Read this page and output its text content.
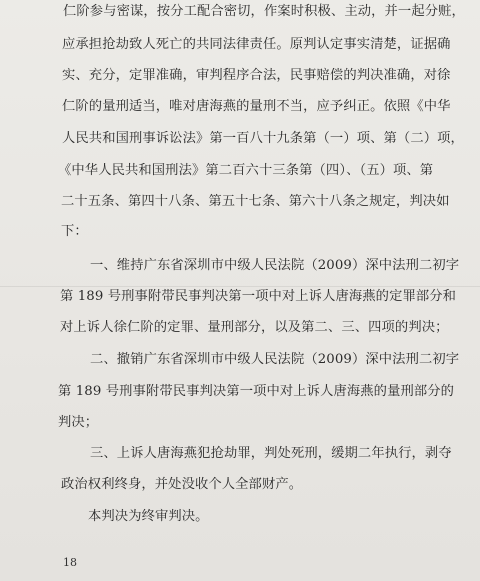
仁阶参与密谋，按分工配合密切，作案时积极、主动，并一起分赃，
应承担抢劫致人死亡的共同法律责任。原判认定事实清楚，证据确
实、充分，定罪准确，审判程序合法，民事赔偿的判决准确，对徐
仁阶的量刑适当，唯对唐海燕的量刑不当，应予纠正。依照《中华
人民共和国刑事诉讼法》第一百八十九条第（一）项、第（二）项，
《中华人民共和国刑法》第二百六十三条第（四）、（五）项、第
二十五条、第四十八条、第五十七条、第六十八条之规定，判决如
下：
一、维持广东省深圳市中级人民法院（2009）深中法刑二初字
第 189 号刑事附带民事判决第一项中对上诉人唐海燕的定罪部分和
对上诉人徐仁阶的定罪、量刑部分，以及第二、三、四项的判决；
二、撤销广东省深圳市中级人民法院（2009）深中法刑二初字
第 189 号刑事附带民事判决第一项中对上诉人唐海燕的量刑部分的
判决；
三、上诉人唐海燕犯抢劫罪，判处死刑，缓期二年执行，剥夺
政治权利终身，并处没收个人全部财产。
本判决为终审判决。
18
